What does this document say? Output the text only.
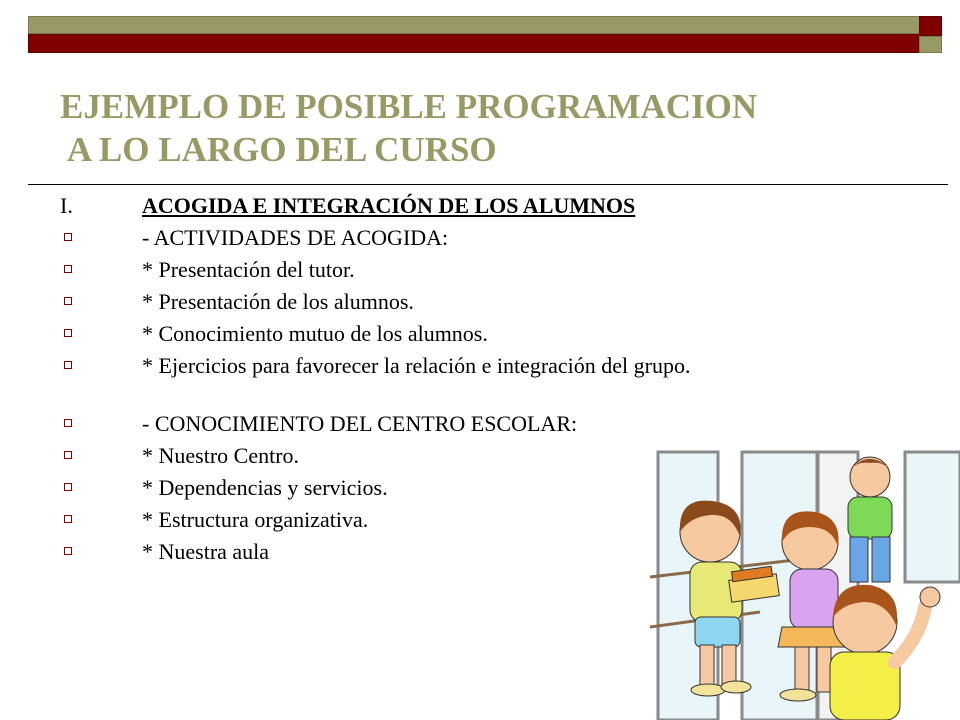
EJEMPLO DE POSIBLE PROGRAMACION
A LO LARGO DEL CURSO
I.	ACOGIDA E INTEGRACIÓN DE LOS ALUMNOS
- ACTIVIDADES DE ACOGIDA:
* Presentación del tutor.
* Presentación de los alumnos.
* Conocimiento mutuo de los alumnos.
* Ejercicios para favorecer la relación e integración del grupo.
- CONOCIMIENTO DEL CENTRO ESCOLAR:
* Nuestro Centro.
* Dependencias y servicios.
* Estructura organizativa.
* Nuestra aula
